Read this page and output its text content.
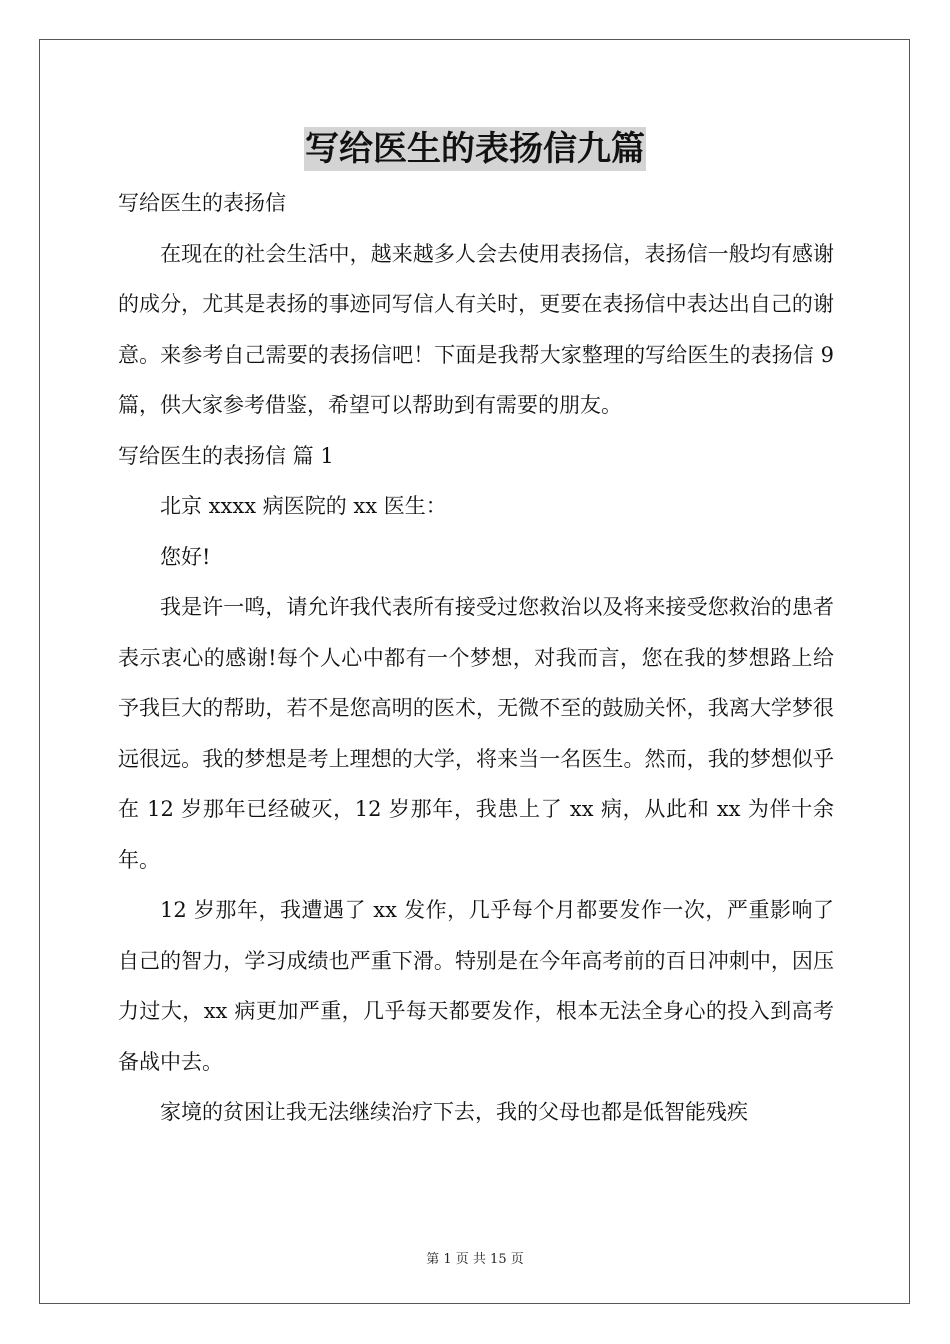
写给医生的表扬信九篇

写给医生的表扬信

在现在的社会生活中，越来越多人会去使用表扬信，表扬信一般均有感谢的成分，尤其是表扬的事迹同写信人有关时，更要在表扬信中表达出自己的谢意。来参考自己需要的表扬信吧！下面是我帮大家整理的写给医生的表扬信 9 篇，供大家参考借鉴，希望可以帮助到有需要的朋友。

写给医生的表扬信 篇 1

北京 xxxx 病医院的 xx 医生：

您好!

我是许一鸣，请允许我代表所有接受过您救治以及将来接受您救治的患者表示衷心的感谢!每个人心中都有一个梦想，对我而言，您在我的梦想路上给予我巨大的帮助，若不是您高明的医术，无微不至的鼓励关怀，我离大学梦很远很远。我的梦想是考上理想的大学，将来当一名医生。然而，我的梦想似乎在 12 岁那年已经破灭，12 岁那年，我患上了 xx 病，从此和 xx 为伴十余年。

12 岁那年，我遭遇了 xx 发作，几乎每个月都要发作一次，严重影响了自己的智力，学习成绩也严重下滑。特别是在今年高考前的百日冲刺中，因压力过大，xx 病更加严重，几乎每天都要发作，根本无法全身心的投入到高考备战中去。

家境的贫困让我无法继续治疗下去，我的父母也都是低智能残疾

第 1 页 共 15 页
